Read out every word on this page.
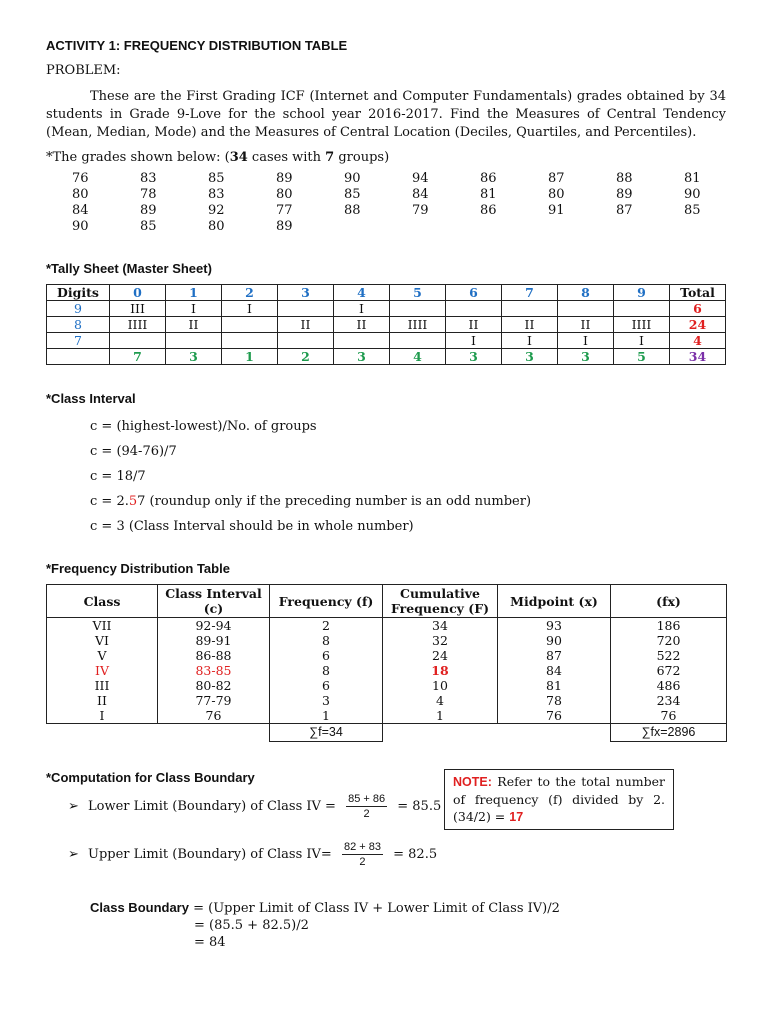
ACTIVITY 1: FREQUENCY DISTRIBUTION TABLE
PROBLEM:

These are the First Grading ICF (Internet and Computer Fundamentals) grades obtained by 34 students in Grade 9-Love for the school year 2016-2017. Find the Measures of Central Tendency (Mean, Median, Mode) and the Measures of Central Location (Deciles, Quartiles, and Percentiles).

*The grades shown below: (34 cases with 7 groups)
76	83	85	89	90	94	86	87	88	81
80	78	83	80	85	84	81	80	89	90
84	89	92	77	88	79	86	91	87	85
90	85	80	89
*Tally Sheet (Master Sheet)
Digits	0	1	2	3	4	5	6	7	8	9	Total
9	III	I	I		I						6
8	IIII	II		II	II	IIII	II	II	II	IIII	24
7							I	I	I	I	4
	7	3	1	2	3	4	3	3	3	5	34
*Class Interval
c = (highest-lowest)/No. of groups
c = (94-76)/7
c = 18/7
c = 2.57 (roundup only if the preceding number is an odd number)
c = 3 (Class Interval should be in whole number)
*Frequency Distribution Table
Class	Class Interval (c)	Frequency (f)	Cumulative Frequency (F)	Midpoint (x)	(fx)
VII	92-94	2	34	93	186
VI	89-91	8	32	90	720
V	86-88	6	24	87	522
IV	83-85	8	18	84	672
III	80-82	6	10	81	486
II	77-79	3	4	78	234
I	76	1	1	76	76
		∑f=34			∑fx=2896
*Computation for Class Boundary
➢ Lower Limit (Boundary) of Class IV = $\frac{85 + 86}{2} = 85.5$
➢ Upper Limit (Boundary) of Class $IV= \frac{82 + 83}{2} = 82.5$
Class Boundary = (Upper Limit of Class IV + Lower Limit of Class IV)/2
= (85.5 + 82.5)/2
= 84
NOTE: Refer to the total number of frequency (f) divided by 2. (34/2) = 17
